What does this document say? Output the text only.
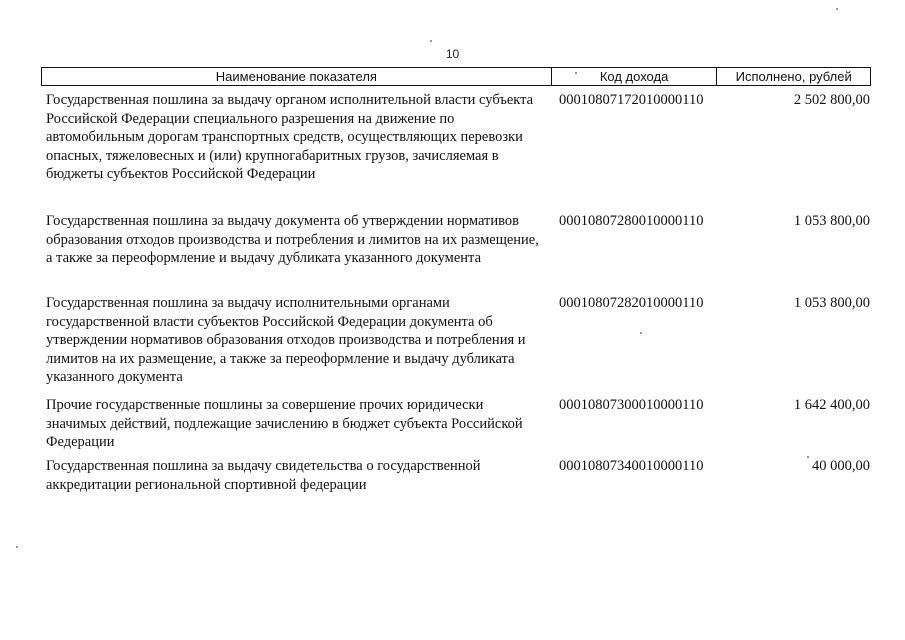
10
Наименование показателя	Код дохода	Исполнено, рублей
Государственная пошлина за выдачу органом исполнительной власти субъекта Российской Федерации специального разрешения на движение по автомобильным дорогам транспортных средств, осуществляющих перевозки опасных, тяжеловесных и (или) крупногабаритных грузов, зачисляемая в бюджеты субъектов Российской Федерации
00010807172010000110	2 502 800,00
Государственная пошлина за выдачу документа об утверждении нормативов образования отходов производства и потребления и лимитов на их размещение, а также за переоформление и выдачу дубликата указанного документа
00010807280010000110	1 053 800,00
Государственная пошлина за выдачу исполнительными органами государственной власти субъектов Российской Федерации документа об утверждении нормативов образования отходов производства и потребления и лимитов на их размещение, а также за переоформление и выдачу дубликата указанного документа
00010807282010000110	1 053 800,00
Прочие государственные пошлины за совершение прочих юридически значимых действий, подлежащие зачислению в бюджет субъекта Российской Федерации
00010807300010000110	1 642 400,00
Государственная пошлина за выдачу свидетельства о государственной аккредитации региональной спортивной федерации
00010807340010000110	40 000,00
